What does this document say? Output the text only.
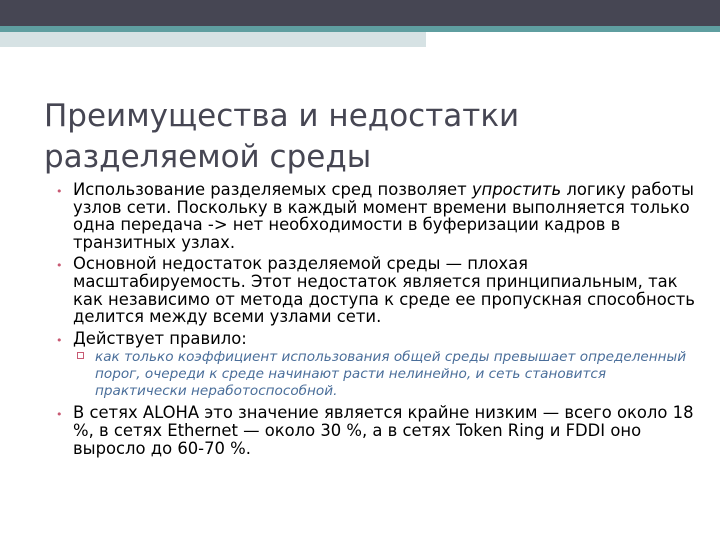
Преимущества и недостатки разделяемой среды
• Использование разделяемых сред позволяет упростить логику работы узлов сети. Поскольку в каждый момент времени выполняется только одна передача -> нет необходимости в буферизации кадров в транзитных узлах.
• Основной недостаток разделяемой среды — плохая масштабируемость. Этот недостаток является принципиальным, так как независимо от метода доступа к среде ее пропускная способность делится между всеми узлами сети.
• Действует правило:
как только коэффициент использования общей среды превышает определенный порог, очереди к среде начинают расти нелинейно, и сеть становится практически неработоспособной.
• В сетях ALOHA это значение является крайне низким — всего около 18 %, в сетях Ethernet — около 30 %, а в сетях Token Ring и FDDI оно выросло до 60-70 %.
